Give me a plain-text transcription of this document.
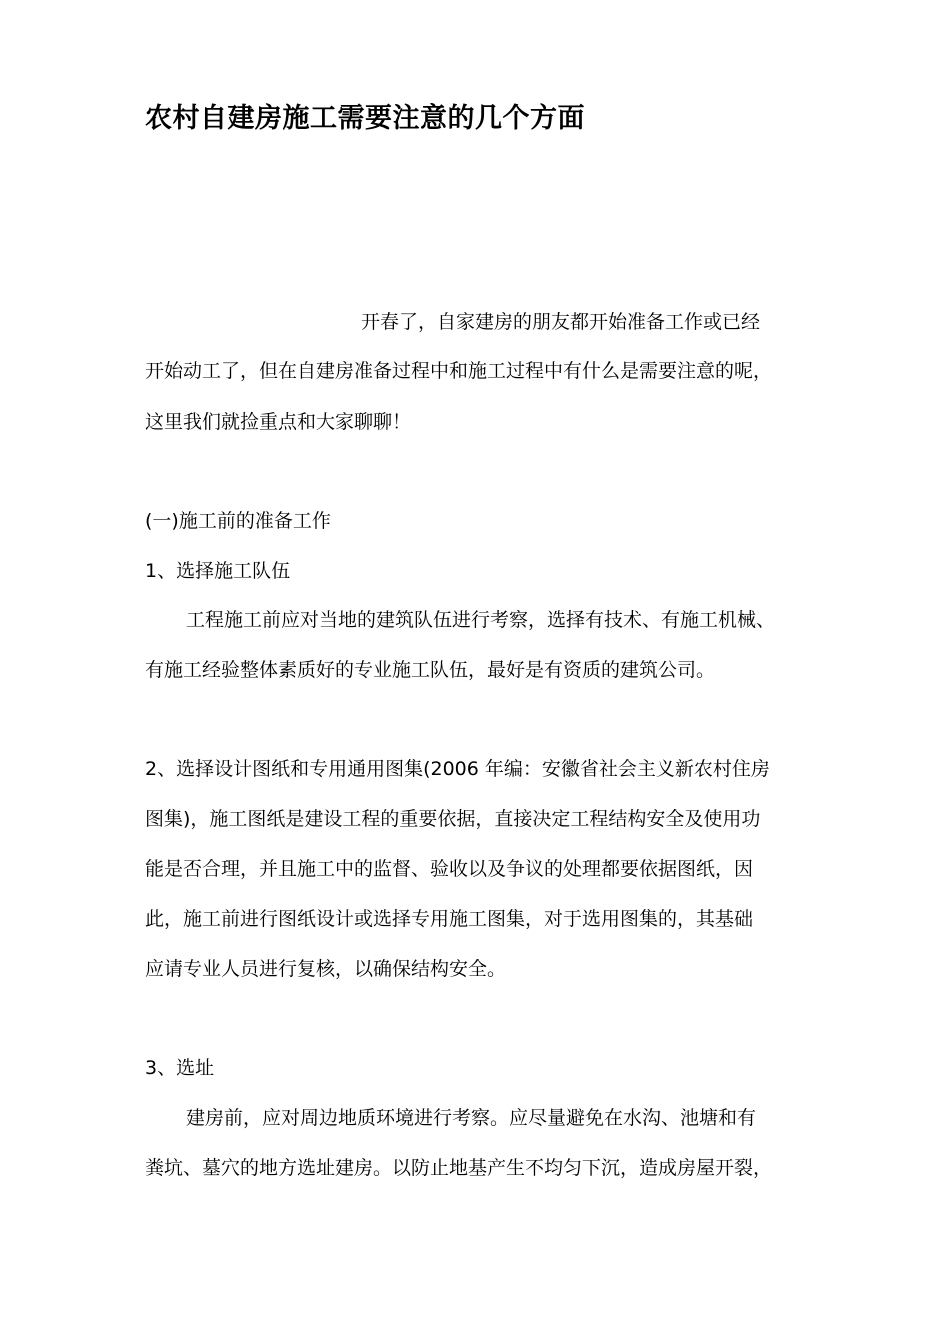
农村自建房施工需要注意的几个方面
开春了，自家建房的朋友都开始准备工作或已经
开始动工了，但在自建房准备过程中和施工过程中有什么是需要注意的呢，
这里我们就捡重点和大家聊聊！
(一)施工前的准备工作
1、选择施工队伍
工程施工前应对当地的建筑队伍进行考察，选择有技术、有施工机械、
有施工经验整体素质好的专业施工队伍，最好是有资质的建筑公司。
2、选择设计图纸和专用通用图集(2006 年编：安徽省社会主义新农村住房
图集)，施工图纸是建设工程的重要依据，直接决定工程结构安全及使用功
能是否合理，并且施工中的监督、验收以及争议的处理都要依据图纸，因
此，施工前进行图纸设计或选择专用施工图集，对于选用图集的，其基础
应请专业人员进行复核，以确保结构安全。
3、选址
建房前，应对周边地质环境进行考察。应尽量避免在水沟、池塘和有
粪坑、墓穴的地方选址建房。以防止地基产生不均匀下沉，造成房屋开裂，
